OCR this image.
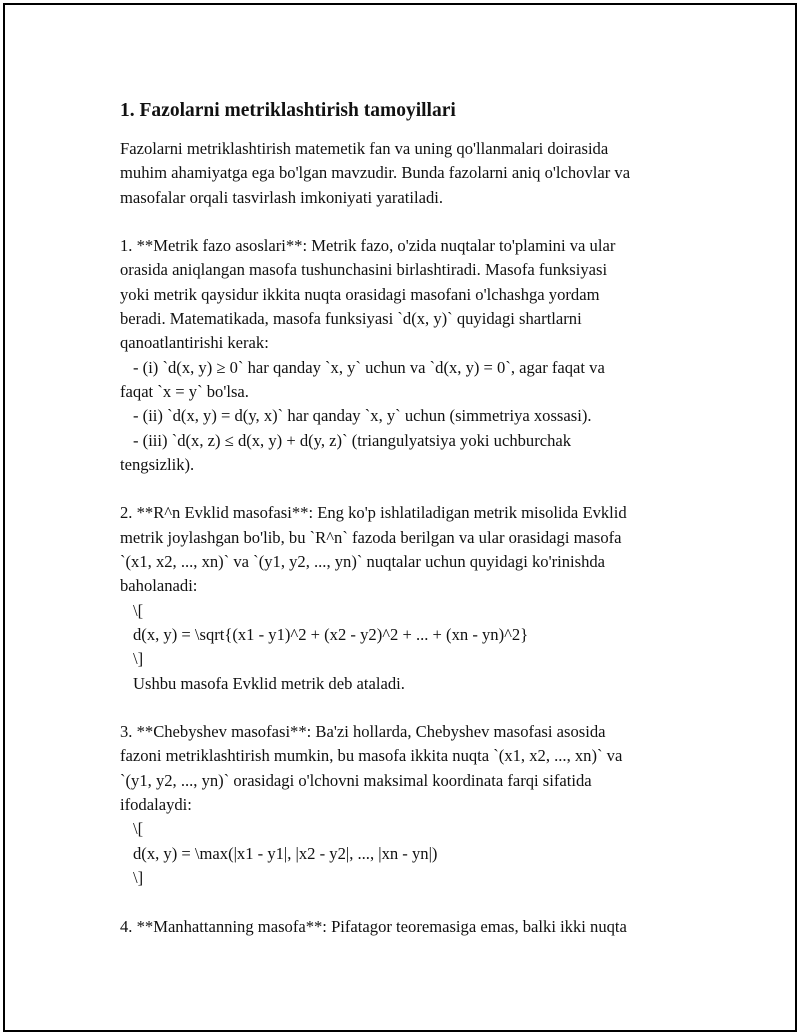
1. Fazolarni metriklashtirish tamoyillari
Fazolarni metriklashtirish matemetik fan va uning qo'llanmalari doirasida
muhim ahamiyatga ega bo'lgan mavzudir. Bunda fazolarni aniq o'lchovlar va
masofalar orqali tasvirlash imkoniyati yaratiladi.
1. **Metrik fazo asoslari**: Metrik fazo, o'zida nuqtalar to'plamini va ular
orasida aniqlangan masofa tushunchasini birlashtiradi. Masofa funksiyasi
yoki metrik qaysidur ikkita nuqta orasidagi masofani o'lchashga yordam
beradi. Matematikada, masofa funksiyasi `d(x, y)` quyidagi shartlarni
qanoatlantirishi kerak:
- (i) `d(x, y) ≥ 0` har qanday `x, y` uchun va `d(x, y) = 0`, agar faqat va
faqat `x = y` bo'lsa.
- (ii) `d(x, y) = d(y, x)` har qanday `x, y` uchun (simmetriya xossasi).
- (iii) `d(x, z) ≤ d(x, y) + d(y, z)` (triangulyatsiya yoki uchburchak
tengsizlik).
2. **R^n Evklid masofasi**: Eng ko'p ishlatiladigan metrik misolida Evklid
metrik joylashgan bo'lib, bu `R^n` fazoda berilgan va ular orasidagi masofa
`(x1, x2, ..., xn)` va `(y1, y2, ..., yn)` nuqtalar uchun quyidagi ko'rinishda
baholanadi:
\[
d(x, y) = \sqrt{(x1 - y1)^2 + (x2 - y2)^2 + ... + (xn - yn)^2}
\]
Ushbu masofa Evklid metrik deb ataladi.
3. **Chebyshev masofasi**: Ba'zi hollarda, Chebyshev masofasi asosida
fazoni metriklashtirish mumkin, bu masofa ikkita nuqta `(x1, x2, ..., xn)` va
`(y1, y2, ..., yn)` orasidagi o'lchovni maksimal koordinata farqi sifatida
ifodalaydi:
\[
d(x, y) = \max(|x1 - y1|, |x2 - y2|, ..., |xn - yn|)
\]
4. **Manhattanning masofa**: Pifatagor teoremasiga emas, balki ikki nuqta
